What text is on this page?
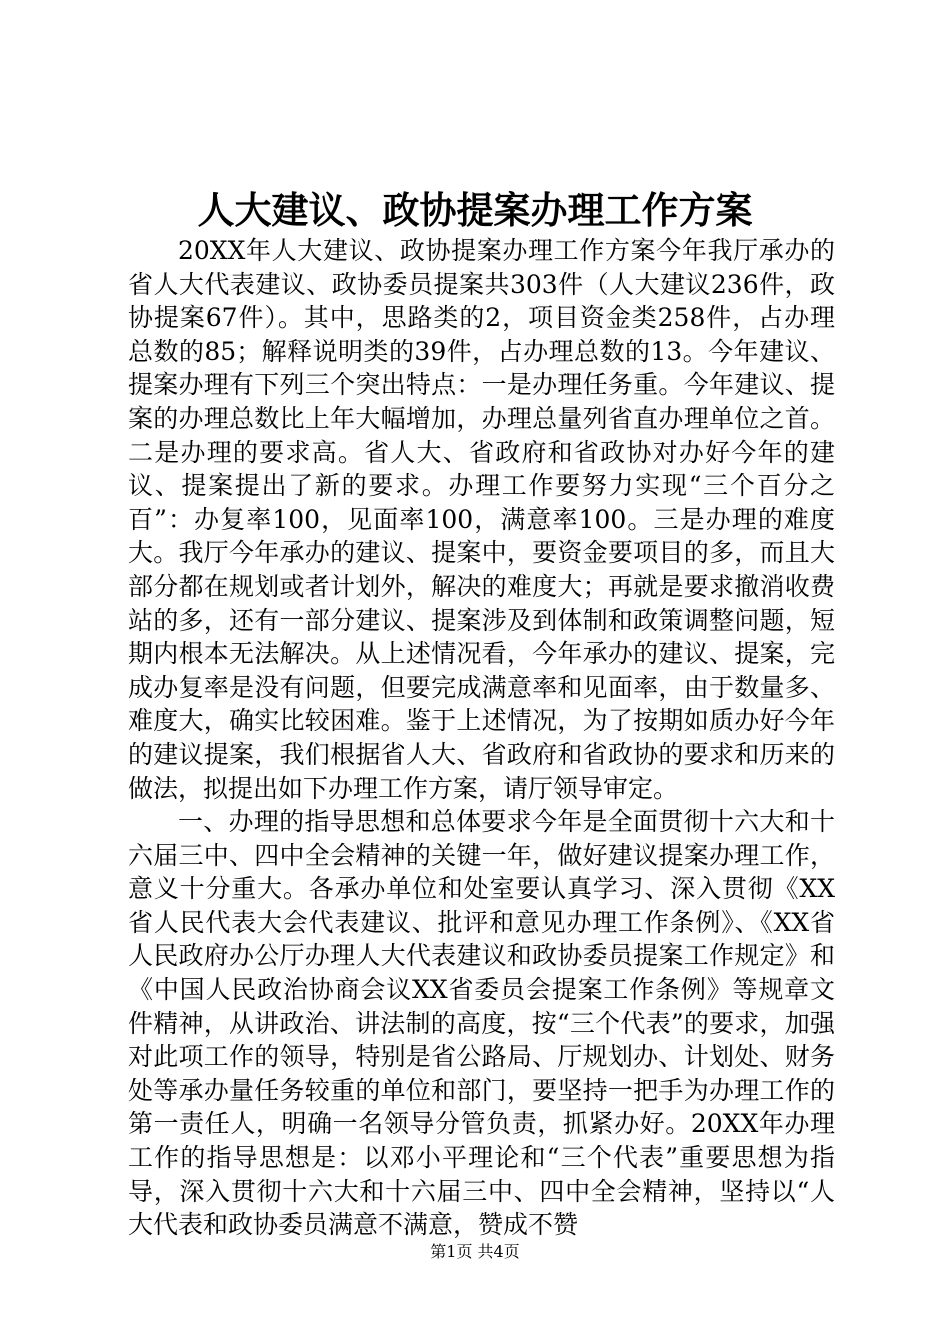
人大建议、政协提案办理工作方案

20XX年人大建议、政协提案办理工作方案今年我厅承办的省人大代表建议、政协委员提案共303件（人大建议236件，政协提案67件）。其中，思路类的2，项目资金类258件，占办理总数的85；解释说明类的39件，占办理总数的13。今年建议、提案办理有下列三个突出特点：一是办理任务重。今年建议、提案的办理总数比上年大幅增加，办理总量列省直办理单位之首。二是办理的要求高。省人大、省政府和省政协对办好今年的建议、提案提出了新的要求。办理工作要努力实现“三个百分之百”：办复率100，见面率100，满意率100。三是办理的难度大。我厅今年承办的建议、提案中，要资金要项目的多，而且大部分都在规划或者计划外，解决的难度大；再就是要求撤消收费站的多，还有一部分建议、提案涉及到体制和政策调整问题，短期内根本无法解决。从上述情况看，今年承办的建议、提案，完成办复率是没有问题，但要完成满意率和见面率，由于数量多、难度大，确实比较困难。鉴于上述情况，为了按期如质办好今年的建议提案，我们根据省人大、省政府和省政协的要求和历来的做法，拟提出如下办理工作方案，请厅领导审定。

一、办理的指导思想和总体要求今年是全面贯彻十六大和十六届三中、四中全会精神的关键一年，做好建议提案办理工作，意义十分重大。各承办单位和处室要认真学习、深入贯彻《XX省人民代表大会代表建议、批评和意见办理工作条例》、《XX省人民政府办公厅办理人大代表建议和政协委员提案工作规定》和《中国人民政治协商会议XX省委员会提案工作条例》等规章文件精神，从讲政治、讲法制的高度，按“三个代表”的要求，加强对此项工作的领导，特别是省公路局、厅规划办、计划处、财务处等承办量任务较重的单位和部门，要坚持一把手为办理工作的第一责任人，明确一名领导分管负责，抓紧办好。20XX年办理工作的指导思想是：以邓小平理论和“三个代表”重要思想为指导，深入贯彻十六大和十六届三中、四中全会精神，坚持以“人大代表和政协委员满意不满意，赞成不赞

第1页 共4页
